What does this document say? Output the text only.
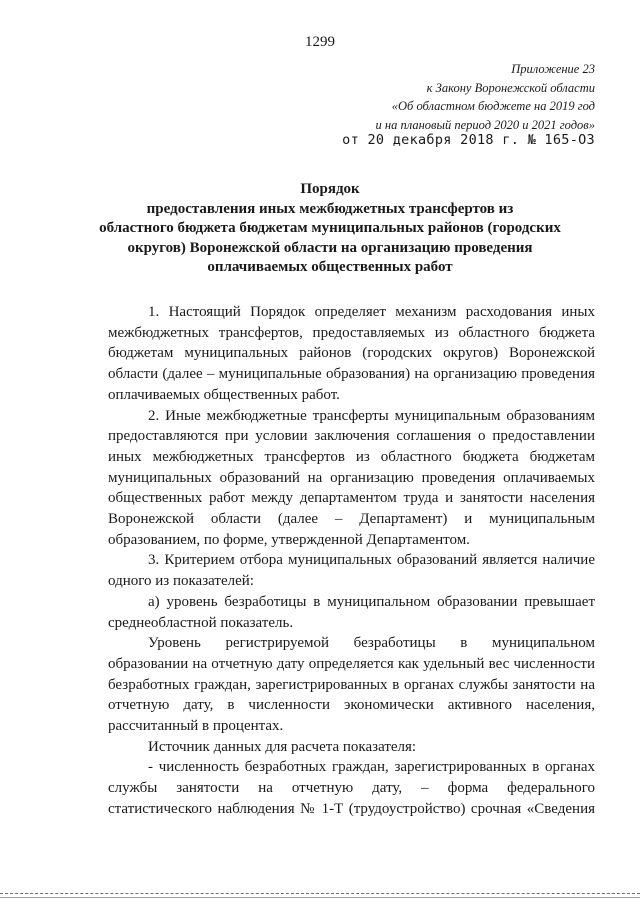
1299
Приложение 23
к Закону Воронежской области
«Об областном бюджете на 2019 год
и на плановый период 2020 и 2021 годов»
от 20 декабря 2018 г. № 165-ОЗ
Порядок
предоставления иных межбюджетных трансфертов из
областного бюджета бюджетам муниципальных районов (городских
округов) Воронежской области на организацию проведения
оплачиваемых общественных работ
1. Настоящий Порядок определяет механизм расходования иных
межбюджетных трансфертов, предоставляемых из областного бюджета
бюджетам муниципальных районов (городских округов) Воронежской
области (далее – муниципальные образования) на организацию проведения
оплачиваемых общественных работ.
2. Иные межбюджетные трансферты муниципальным образованиям
предоставляются при условии заключения соглашения о предоставлении
иных межбюджетных трансфертов из областного бюджета бюджетам
муниципальных образований на организацию проведения оплачиваемых
общественных работ между департаментом труда и занятости населения
Воронежской области (далее – Департамент) и муниципальным
образованием, по форме, утвержденной Департаментом.
3. Критерием отбора муниципальных образований является наличие
одного из показателей:
а) уровень безработицы в муниципальном образовании превышает
среднеобластной показатель.
Уровень регистрируемой безработицы в муниципальном
образовании на отчетную дату определяется как удельный вес численности
безработных граждан, зарегистрированных в органах службы занятости на
отчетную дату, в численности экономически активного населения,
рассчитанный в процентах.
Источник данных для расчета показателя:
- численность безработных граждан, зарегистрированных в органах
службы занятости на отчетную дату, – форма федерального
статистического наблюдения № 1-Т (трудоустройство) срочная «Сведения
